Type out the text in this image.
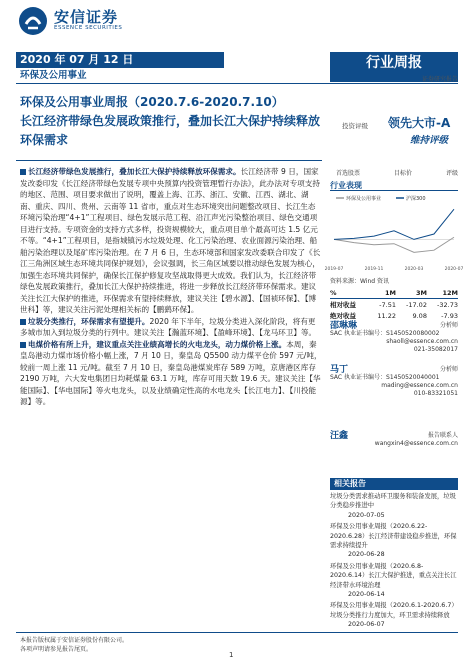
安信证券
ESSENCE SECURITIES
2020 年 07 月 12 日
环保及公用事业
行业周报
证券研究报告
环保及公用事业周报（2020.7.6-2020.7.10）
长江经济带绿色发展政策推行，叠加长江大保护持续释放环保需求
投资评级 领先大市-A
维持评级
首选股票	目标价	评级

长江经济带绿色发展推行，叠加长江大保护持续释放环保需求。长江经济带 9 日，国家发改委印发《长江经济带绿色发展专项中央预算内投资管理暂行办法》，此办法对专项支持的地区、范围、项目要求做出了说明，覆盖上海、江苏、浙江、安徽、江西、湖北、湖南、重庆、四川、贵州、云南等 11 省市，重点对生态环境突出问题整改项目、长江生态环境污染治理“4+1”工程项目、绿色发展示范工程、沿江声光污染整治项目、绿色交通项目进行支持。专项资金的支持方式多样，投资规模较大，重点项目单个最高可达 1.5 亿元不等。“4+1”工程项目，是指城镇污水垃圾处理、化工污染治理、农业面源污染治理、船舶污染治理以及尾矿库污染治理。在 7 月 6 日，生态环境部和国家发改委联合印发了《长江三角洲区域生态环境共同保护规划》，会议强调，长三角区域要以推动绿色发展为核心，加强生态环境共同保护，确保长江保护修复攻坚战取得更大成效。我们认为，长江经济带绿色发展政策推行，叠加长江大保护持续推进，将进一步释放长江经济带环保需求。建议关注长江大保护的推进，环保需求有望持续释放，建议关注【碧水源】、【国祯环保】、【博世科】等，建议关注污泥处理相关标的【鹏鹞环保】。

垃圾分类推行，环保需求有望提升。2020 年下半年，垃圾分类进入深化阶段，将有更多城市加入到垃圾分类的行列中。建议关注【瀚蓝环境】、【盈峰环境】、【龙马环卫】等。

电煤价格有所上升，建议重点关注业绩高增长的火电龙头，动力煤价格上涨。本周，秦皇岛港动力煤市场价格小幅上涨，7 月 10 日，秦皇岛 Q5500 动力煤平仓价 597 元/吨，较前一周上涨 11 元/吨。截至 7 月 10 日，秦皇岛港煤炭库存 589 万吨，京唐港区库存 2190 万吨，六大发电集团日均耗煤量 63.1 万吨，库存可用天数 19.6 天。建议关注【华能国际】、【华电国际】等火电龙头，以及业绩确定性高的水电龙头【长江电力】、【川投能源】等。

行业表现
环保及公用事业	沪深300
2019-07	2019-11	2020-03	2020-07
资料来源：Wind 资讯
%	1M	3M	12M
相对收益	-7.51	-17.02	-32.73
绝对收益	11.22	9.08	-7.93
邵琳琳	分析师
SAC 执业证书编号：S1450520080002
shaoll@essence.com.cn
021-35082017
马丁	分析师
SAC 执业证书编号：S1450520040001
mading@essence.com.cn
010-83321051
汪鑫	报告联系人
wangxin4@essence.com.cn
相关报告
垃圾分类需求推动环卫服务和装备发展，垃圾分类稳步推进中
2020-07-05
环保及公用事业周报（2020.6.22-2020.6.28）长江经济带建设稳步推进，环保需求持续提升
2020-06-28
环保及公用事业周报（2020.6.8-2020.6.14）长江大保护推进，重点关注长江经济带水环境治理
2020-06-14
环保及公用事业周报（2020.6.1-2020.6.7）垃圾分类推行力度加大，环卫需求持续释放
2020-06-07
本报告版权属于安信证券股份有限公司。
各项声明请参见报告尾页。
1
